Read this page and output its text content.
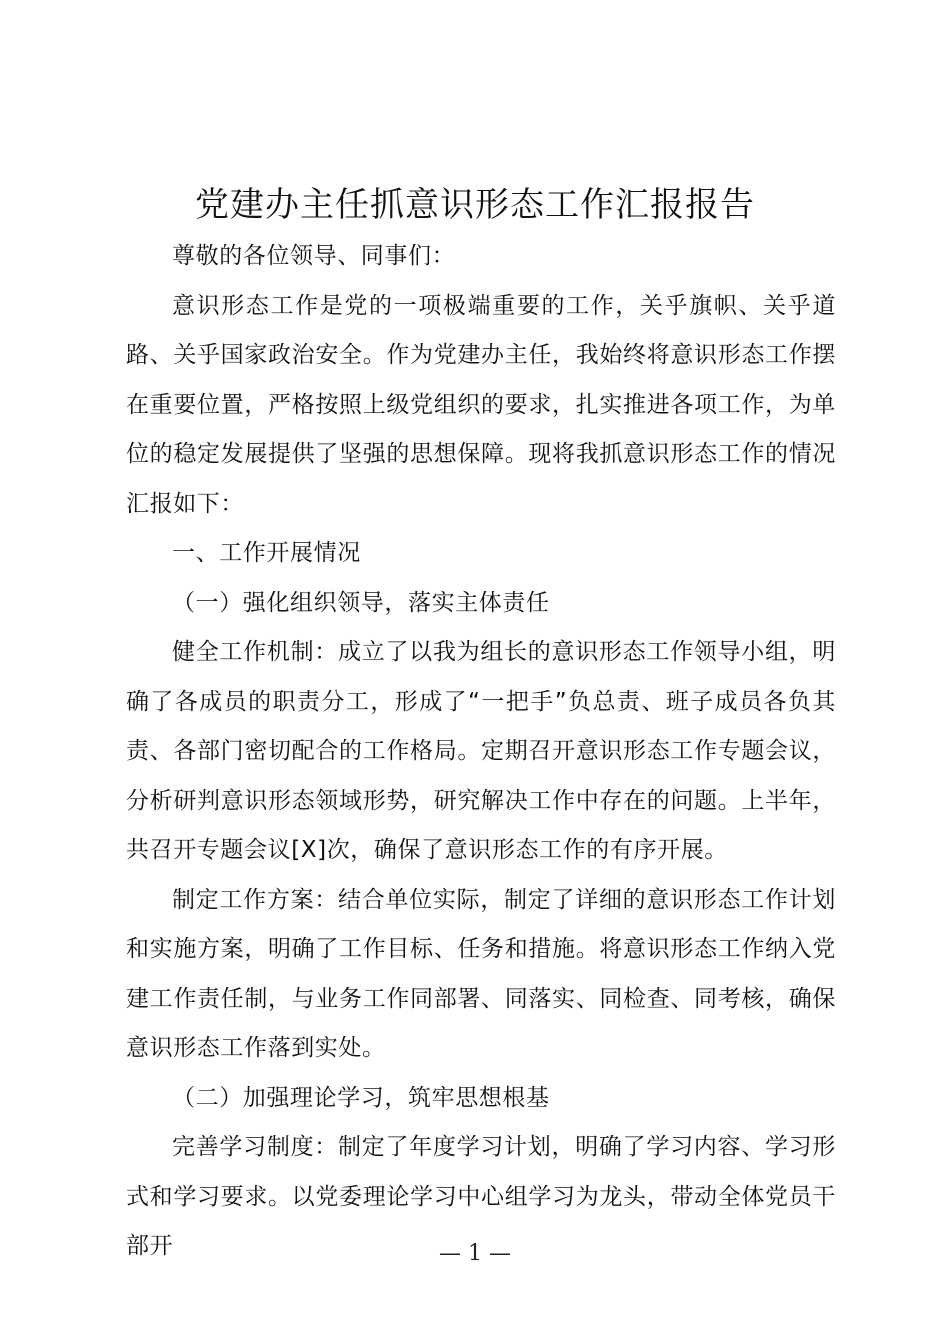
党建办主任抓意识形态工作汇报报告

尊敬的各位领导、同事们：

意识形态工作是党的一项极端重要的工作，关乎旗帜、关乎道路、关乎国家政治安全。作为党建办主任，我始终将意识形态工作摆在重要位置，严格按照上级党组织的要求，扎实推进各项工作，为单位的稳定发展提供了坚强的思想保障。现将我抓意识形态工作的情况汇报如下：

一、工作开展情况

（一）强化组织领导，落实主体责任

健全工作机制：成立了以我为组长的意识形态工作领导小组，明确了各成员的职责分工，形成了“一把手”负总责、班子成员各负其责、各部门密切配合的工作格局。定期召开意识形态工作专题会议，分析研判意识形态领域形势，研究解决工作中存在的问题。上半年，共召开专题会议[X]次，确保了意识形态工作的有序开展。

制定工作方案：结合单位实际，制定了详细的意识形态工作计划和实施方案，明确了工作目标、任务和措施。将意识形态工作纳入党建工作责任制，与业务工作同部署、同落实、同检查、同考核，确保意识形态工作落到实处。

（二）加强理论学习，筑牢思想根基

完善学习制度：制定了年度学习计划，明确了学习内容、学习形式和学习要求。以党委理论学习中心组学习为龙头，带动全体党员干部开	— 1 —
